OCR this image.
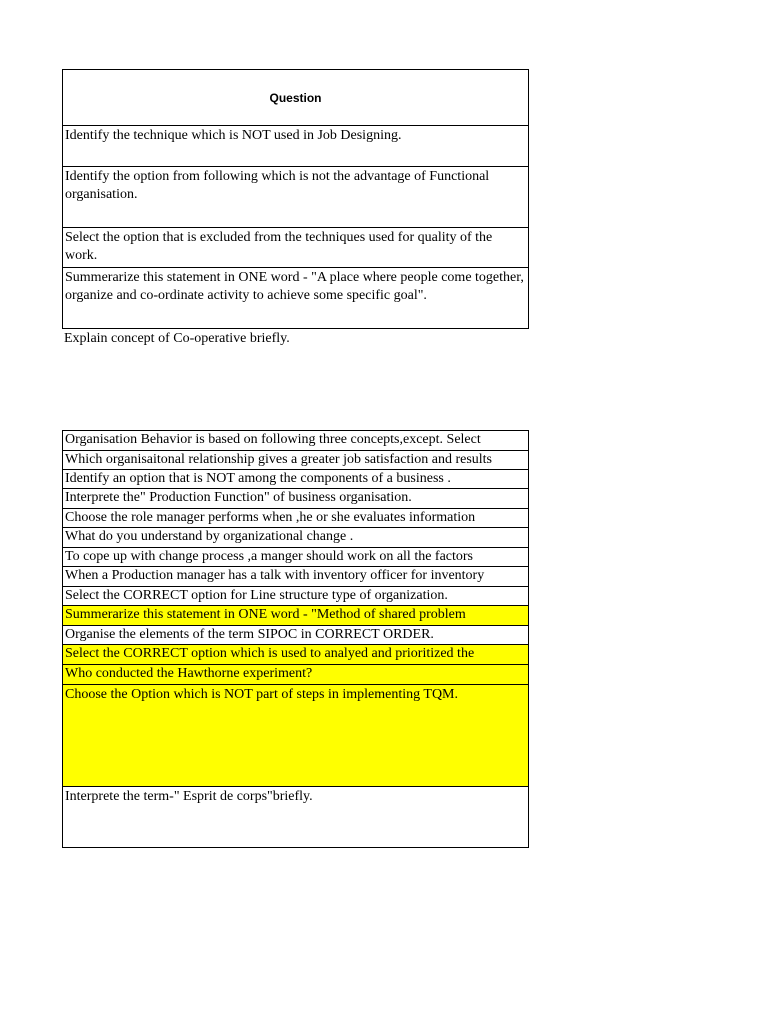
Question
Identify the technique which is NOT used in Job Designing.
Identify the option from following which is not the advantage of Functional organisation.
Select the option that is excluded from the techniques used for quality of the work.
Summerarize this statement in ONE word - "A place where people come together, organize and co-ordinate activity to achieve some specific goal".
Explain concept of Co-operative briefly.
Organisation Behavior is based on following three concepts,except. Select
Which organisaitonal relationship gives a greater job satisfaction and results
Identify an option that is NOT among the components of a business .
Interprete the" Production Function" of business organisation.
Choose the role manager performs when ,he or she evaluates information
What do you understand by organizational change .
To cope up with change process ,a manger should work on all the factors
When a Production manager has a talk with inventory officer for inventory
Select the CORRECT option for Line structure type of organization.
Summerarize this statement in ONE word - "Method of shared problem
Organise the elements of the term SIPOC in CORRECT ORDER.
Select the CORRECT option which is used to analyed and prioritized the
Who conducted the Hawthorne experiment?
Choose the Option which is NOT part of steps in implementing TQM.
Interprete the term-" Esprit de corps"briefly.
